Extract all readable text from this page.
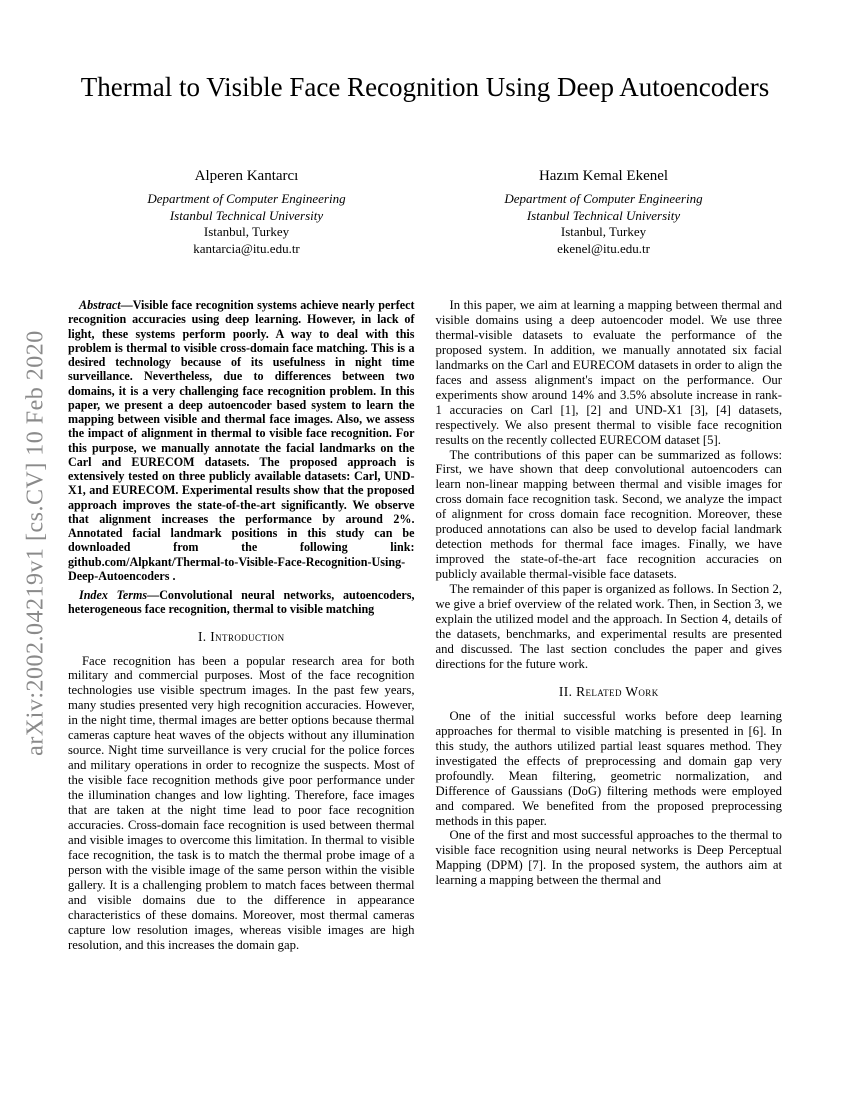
arXiv:2002.04219v1 [cs.CV] 10 Feb 2020
Thermal to Visible Face Recognition Using Deep Autoencoders
Alperen Kantarcı
Department of Computer Engineering
Istanbul Technical University
Istanbul, Turkey
kantarcia@itu.edu.tr
Hazım Kemal Ekenel
Department of Computer Engineering
Istanbul Technical University
Istanbul, Turkey
ekenel@itu.edu.tr

Abstract—Visible face recognition systems achieve nearly perfect recognition accuracies using deep learning. However, in lack of light, these systems perform poorly. A way to deal with this problem is thermal to visible cross-domain face matching. This is a desired technology because of its usefulness in night time surveillance. Nevertheless, due to differences between two domains, it is a very challenging face recognition problem. In this paper, we present a deep autoencoder based system to learn the mapping between visible and thermal face images. Also, we assess the impact of alignment in thermal to visible face recognition. For this purpose, we manually annotate the facial landmarks on the Carl and EURECOM datasets. The proposed approach is extensively tested on three publicly available datasets: Carl, UND-X1, and EURECOM. Experimental results show that the proposed approach improves the state-of-the-art significantly. We observe that alignment increases the performance by around 2%. Annotated facial landmark positions in this study can be downloaded from the following link: github.com/Alpkant/Thermal-to-Visible-Face-Recognition-Using-Deep-Autoencoders .

Index Terms—Convolutional neural networks, autoencoders, heterogeneous face recognition, thermal to visible matching

I. Introduction

Face recognition has been a popular research area for both military and commercial purposes. Most of the face recognition technologies use visible spectrum images. In the past few years, many studies presented very high recognition accuracies. However, in the night time, thermal images are better options because thermal cameras capture heat waves of the objects without any illumination source. Night time surveillance is very crucial for the police forces and military operations in order to recognize the suspects. Most of the visible face recognition methods give poor performance under the illumination changes and low lighting. Therefore, face images that are taken at the night time lead to poor face recognition accuracies. Cross-domain face recognition is used between thermal and visible images to overcome this limitation. In thermal to visible face recognition, the task is to match the thermal probe image of a person with the visible image of the same person within the visible gallery. It is a challenging problem to match faces between thermal and visible domains due to the difference in appearance characteristics of these domains. Moreover, most thermal cameras capture low resolution images, whereas visible images are high resolution, and this increases the domain gap.

In this paper, we aim at learning a mapping between thermal and visible domains using a deep autoencoder model. We use three thermal-visible datasets to evaluate the performance of the proposed system. In addition, we manually annotated six facial landmarks on the Carl and EURECOM datasets in order to align the faces and assess alignment's impact on the performance. Our experiments show around 14% and 3.5% absolute increase in rank-1 accuracies on Carl [1], [2] and UND-X1 [3], [4] datasets, respectively. We also present thermal to visible face recognition results on the recently collected EURECOM dataset [5].

The contributions of this paper can be summarized as follows: First, we have shown that deep convolutional autoencoders can learn non-linear mapping between thermal and visible images for cross domain face recognition task. Second, we analyze the impact of alignment for cross domain face recognition. Moreover, these produced annotations can also be used to develop facial landmark detection methods for thermal face images. Finally, we have improved the state-of-the-art face recognition accuracies on publicly available thermal-visible face datasets.

The remainder of this paper is organized as follows. In Section 2, we give a brief overview of the related work. Then, in Section 3, we explain the utilized model and the approach. In Section 4, details of the datasets, benchmarks, and experimental results are presented and discussed. The last section concludes the paper and gives directions for the future work.

II. Related Work

One of the initial successful works before deep learning approaches for thermal to visible matching is presented in [6]. In this study, the authors utilized partial least squares method. They investigated the effects of preprocessing and domain gap very profoundly. Mean filtering, geometric normalization, and Difference of Gaussians (DoG) filtering methods were employed and compared. We benefited from the proposed preprocessing methods in this paper.

One of the first and most successful approaches to the thermal to visible face recognition using neural networks is Deep Perceptual Mapping (DPM) [7]. In the proposed system, the authors aim at learning a mapping between the thermal and
